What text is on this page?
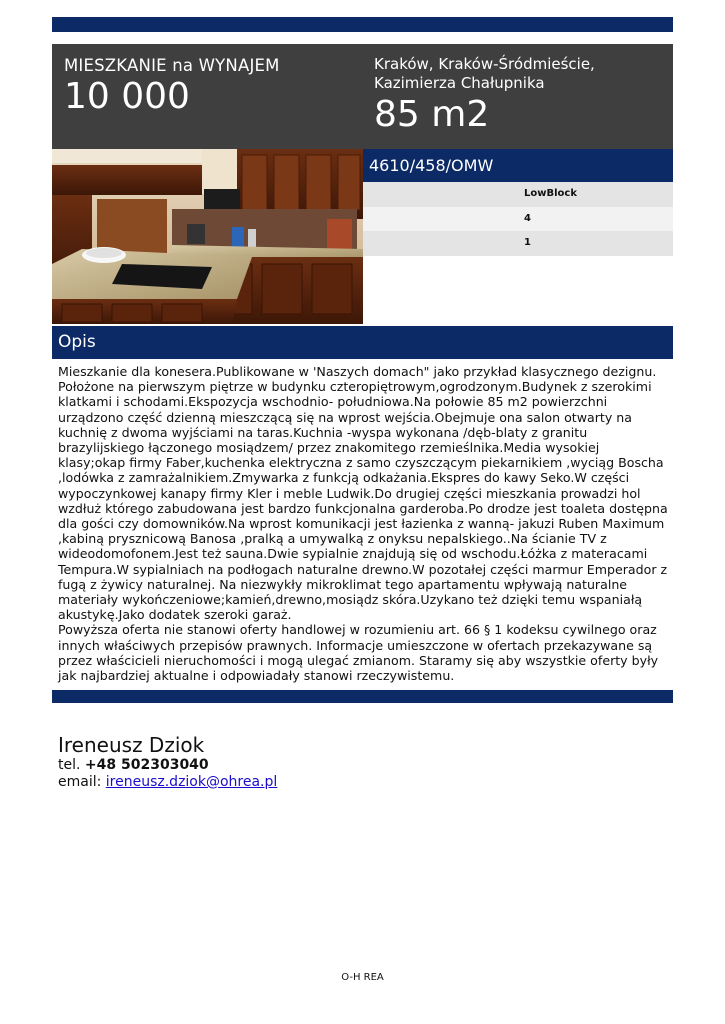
MIESZKANIE na WYNAJEM
10 000
Kraków, Kraków-Śródmieście,
Kazimierza Chałupnika
85 m2
4610/458/OMW
LowBlock
4
1
Opis

Mieszkanie dla konesera.Publikowane w 'Naszych domach" jako przykład klasycznego dezignu. Położone na pierwszym piętrze w budynku czteropiętrowym,ogrodzonym.Budynek z szerokimi klatkami i schodami.Ekspozycja wschodnio- południowa.Na połowie 85 m2 powierzchni urządzono część dzienną mieszczącą się na wprost wejścia.Obejmuje ona salon otwarty na kuchnię z dwoma wyjściami na taras.Kuchnia -wyspa wykonana /dęb-blaty z granitu brazylijskiego łączonego mosiądzem/ przez znakomitego rzemieślnika.Media wysokiej klasy;okap firmy Faber,kuchenka elektryczna z samo czyszczącym piekarnikiem ,wyciąg Boscha ,lodówka z zamrażalnikiem.Zmywarka z funkcją odkażania.Ekspres do kawy Seko.W części wypoczynkowej kanapy firmy Kler i meble Ludwik.Do drugiej części mieszkania prowadzi hol wzdłuż którego zabudowana jest bardzo funkcjonalna garderoba.Po drodze jest toaleta dostępna dla gości czy domowników.Na wprost komunikacji jest łazienka z wanną- jakuzi Ruben Maximum ,kabiną prysznicową Banosa ,pralką a umywalką z onyksu nepalskiego..Na ścianie TV z wideodomofonem.Jest też sauna.Dwie sypialnie znajdują się od wschodu.Łóżka z materacami Tempura.W sypialniach na podłogach naturalne drewno.W pozotałej części marmur Emperador z fugą z żywicy naturalnej. Na niezwykły mikroklimat tego apartamentu wpływają naturalne materiały wykończeniowe;kamień,drewno,mosiądz skóra.Uzykano też dzięki temu wspaniałą akustykę.Jako dodatek szeroki garaż.

Powyższa oferta nie stanowi oferty handlowej w rozumieniu art. 66 § 1 kodeksu cywilnego oraz innych właściwych przepisów prawnych. Informacje umieszczone w ofertach przekazywane są przez właścicieli nieruchomości i mogą ulegać zmianom. Staramy się aby wszystkie oferty były jak najbardziej aktualne i odpowiadały stanowi rzeczywistemu.

Ireneusz Dziok
tel. +48 502303040
email: ireneusz.dziok@ohrea.pl
O-H REA
